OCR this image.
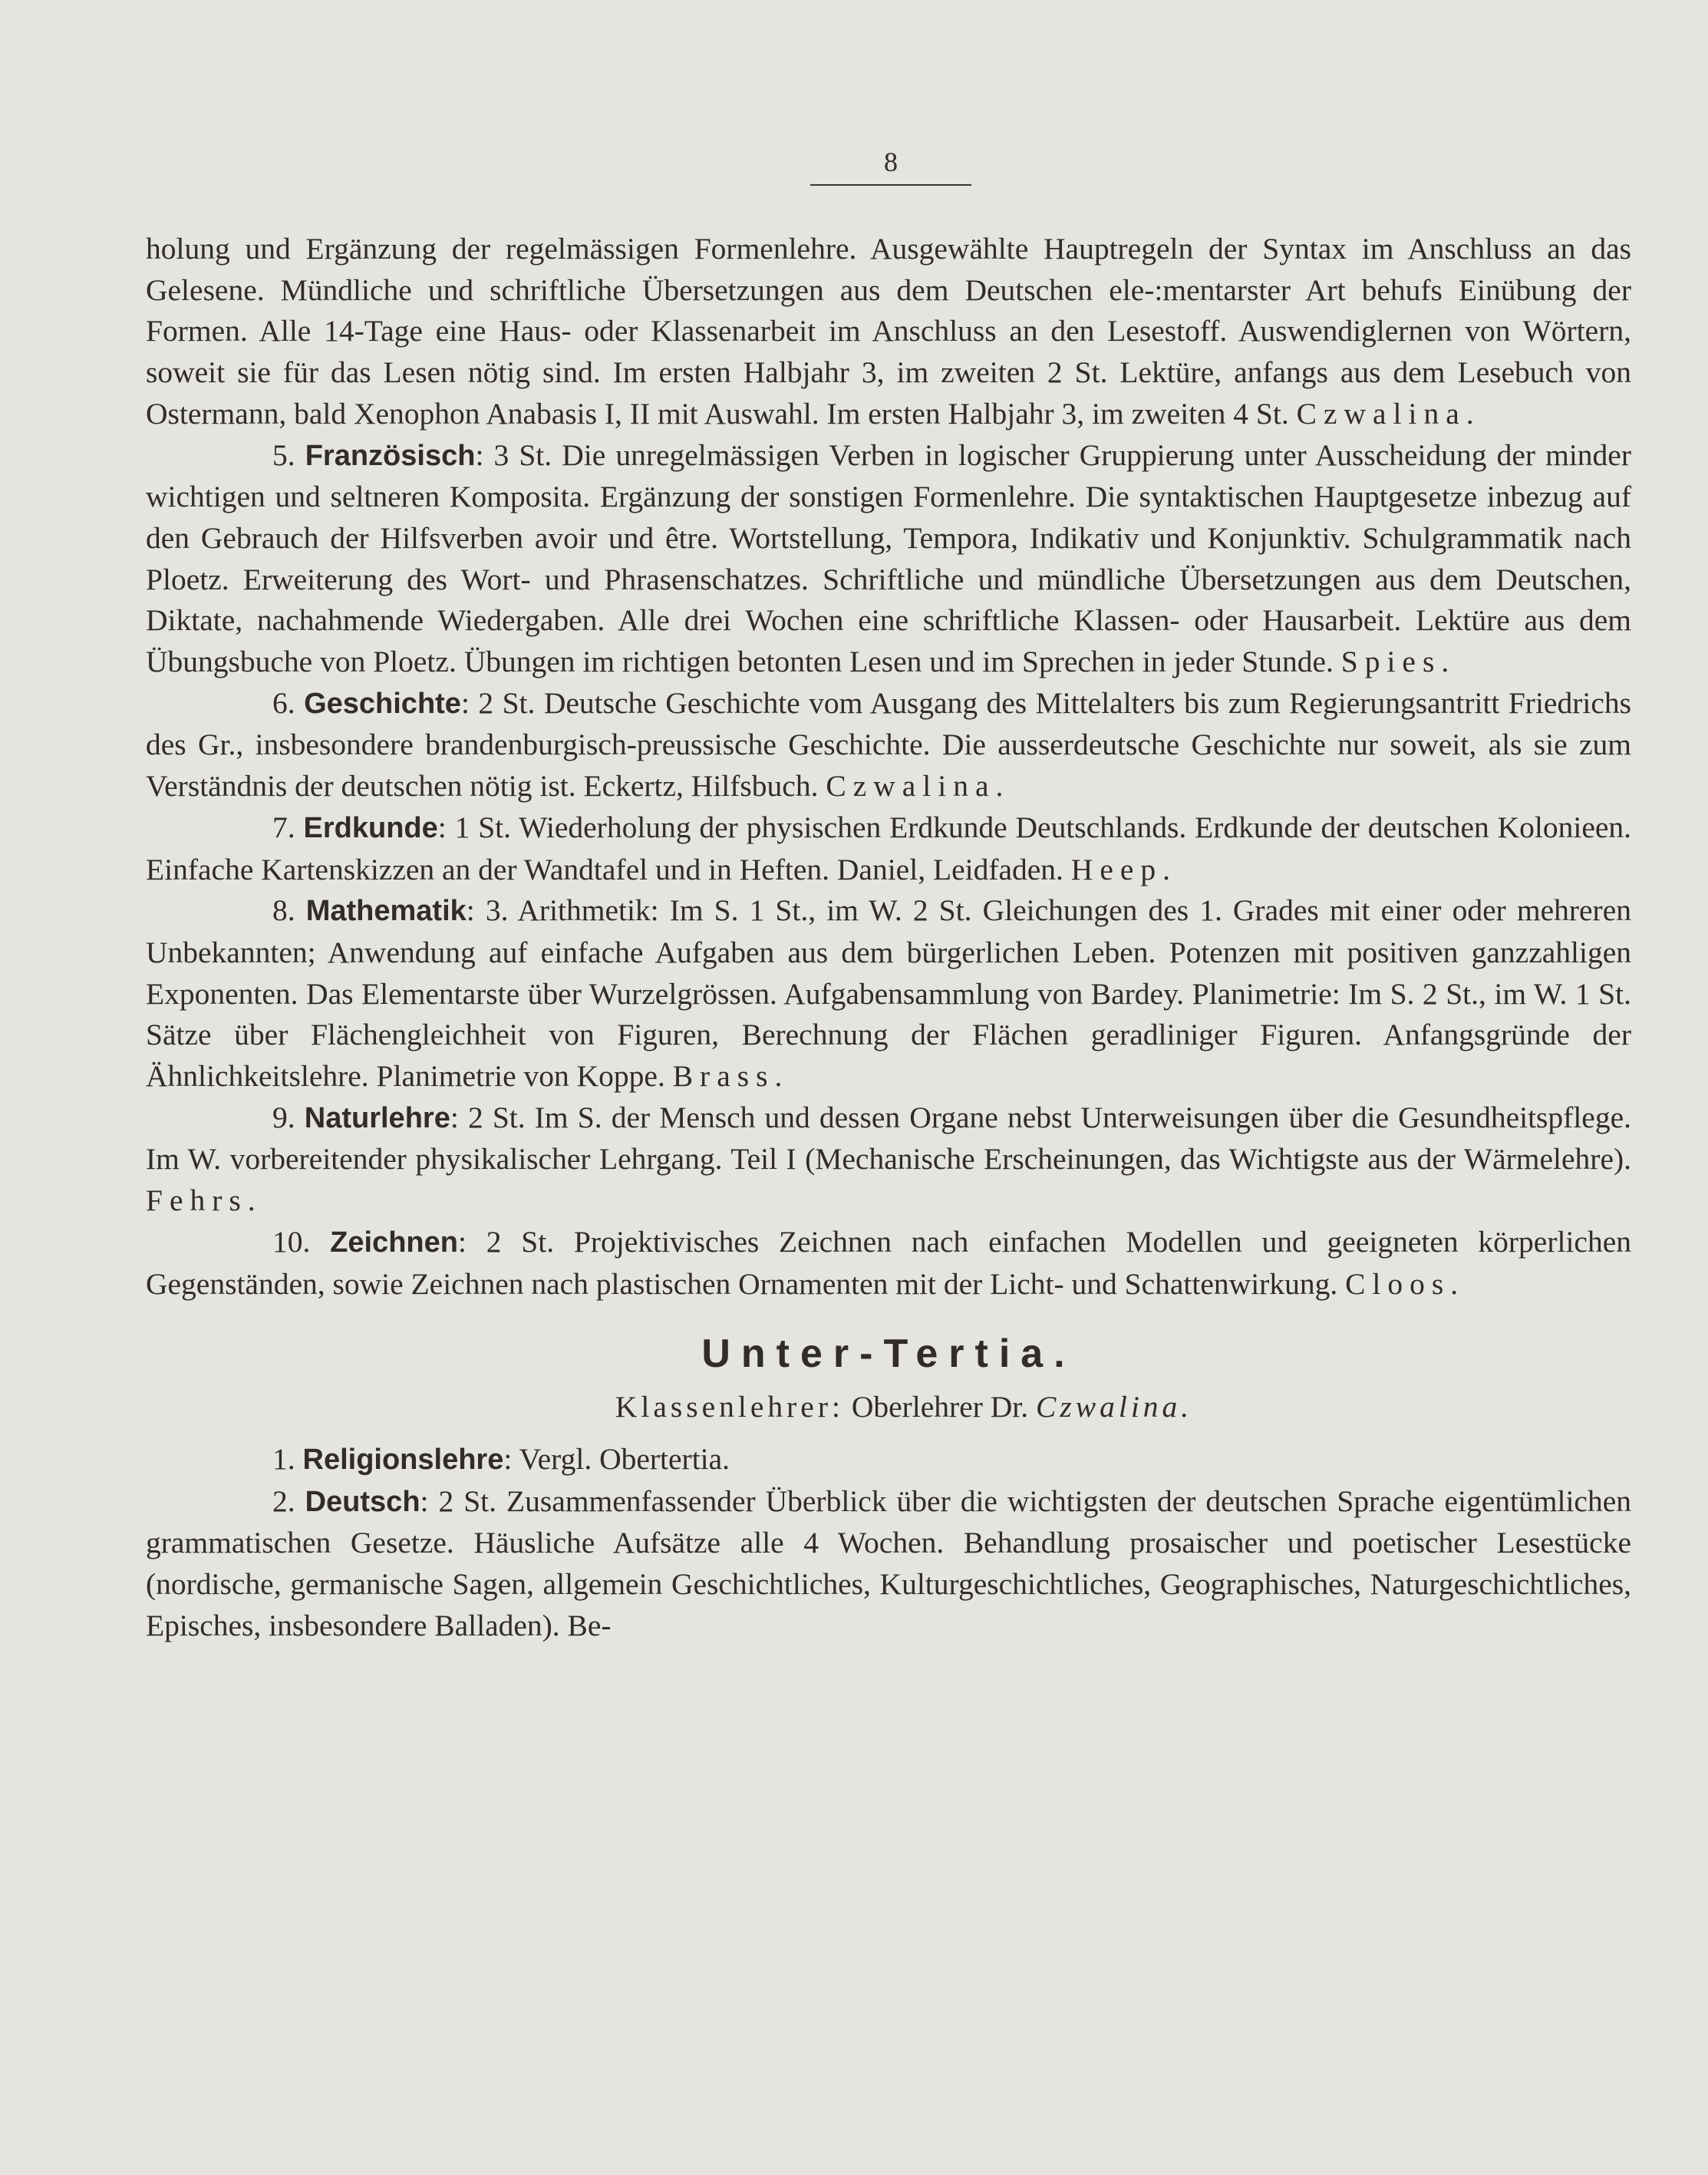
8

holung und Ergänzung der regelmässigen Formenlehre. Ausgewählte Hauptregeln der Syntax im Anschluss an das Gelesene. Mündliche und schriftliche Übersetzungen aus dem Deutschen ele-:mentarster Art behufs Einübung der Formen. Alle 14-Tage eine Haus- oder Klassenarbeit im Anschluss an den Lesestoff. Auswendiglernen von Wörtern, soweit sie für das Lesen nötig sind. Im ersten Halbjahr 3, im zweiten 2 St. Lektüre, anfangs aus dem Lesebuch von Ostermann, bald Xenophon Anabasis I, II mit Auswahl. Im ersten Halbjahr 3, im zweiten 4 St. Czwalina.

5. Französisch: 3 St. Die unregelmässigen Verben in logischer Gruppierung unter Ausscheidung der minder wichtigen und seltneren Komposita. Ergänzung der sonstigen Formenlehre. Die syntaktischen Hauptgesetze inbezug auf den Gebrauch der Hilfsverben avoir und être. Wortstellung, Tempora, Indikativ und Konjunktiv. Schulgrammatik nach Ploetz. Erweiterung des Wort- und Phrasenschatzes. Schriftliche und mündliche Übersetzungen aus dem Deutschen, Diktate, nachahmende Wiedergaben. Alle drei Wochen eine schriftliche Klassen- oder Hausarbeit. Lektüre aus dem Übungsbuche von Ploetz. Übungen im richtigen betonten Lesen und im Sprechen in jeder Stunde. Spies.

6. Geschichte: 2 St. Deutsche Geschichte vom Ausgang des Mittelalters bis zum Regierungsantritt Friedrichs des Gr., insbesondere brandenburgisch-preussische Geschichte. Die ausserdeutsche Geschichte nur soweit, als sie zum Verständnis der deutschen nötig ist. Eckertz, Hilfsbuch. Czwalina.

7. Erdkunde: 1 St. Wiederholung der physischen Erdkunde Deutschlands. Erdkunde der deutschen Kolonieen. Einfache Kartenskizzen an der Wandtafel und in Heften. Daniel, Leidfaden. Heep.

8. Mathematik: 3. Arithmetik: Im S. 1 St., im W. 2 St. Gleichungen des 1. Grades mit einer oder mehreren Unbekannten; Anwendung auf einfache Aufgaben aus dem bürgerlichen Leben. Potenzen mit positiven ganzzahligen Exponenten. Das Elementarste über Wurzelgrössen. Aufgabensammlung von Bardey. Planimetrie: Im S. 2 St., im W. 1 St. Sätze über Flächengleichheit von Figuren, Berechnung der Flächen geradliniger Figuren. Anfangsgründe der Ähnlichkeitslehre. Planimetrie von Koppe. Brass.

9. Naturlehre: 2 St. Im S. der Mensch und dessen Organe nebst Unterweisungen über die Gesundheitspflege. Im W. vorbereitender physikalischer Lehrgang. Teil I (Mechanische Erscheinungen, das Wichtigste aus der Wärmelehre). Fehrs.

10. Zeichnen: 2 St. Projektivisches Zeichnen nach einfachen Modellen und geeigneten körperlichen Gegenständen, sowie Zeichnen nach plastischen Ornamenten mit der Licht- und Schattenwirkung. Cloos.

Unter-Tertia.

Klassenlehrer: Oberlehrer Dr. Czwalina.

1. Religionslehre: Vergl. Obertertia.

2. Deutsch: 2 St. Zusammenfassender Überblick über die wichtigsten der deutschen Sprache eigentümlichen grammatischen Gesetze. Häusliche Aufsätze alle 4 Wochen. Behandlung prosaischer und poetischer Lesestücke (nordische, germanische Sagen, allgemein Geschichtliches, Kulturgeschichtliches, Geographisches, Naturgeschichtliches, Episches, insbesondere Balladen). Be-
